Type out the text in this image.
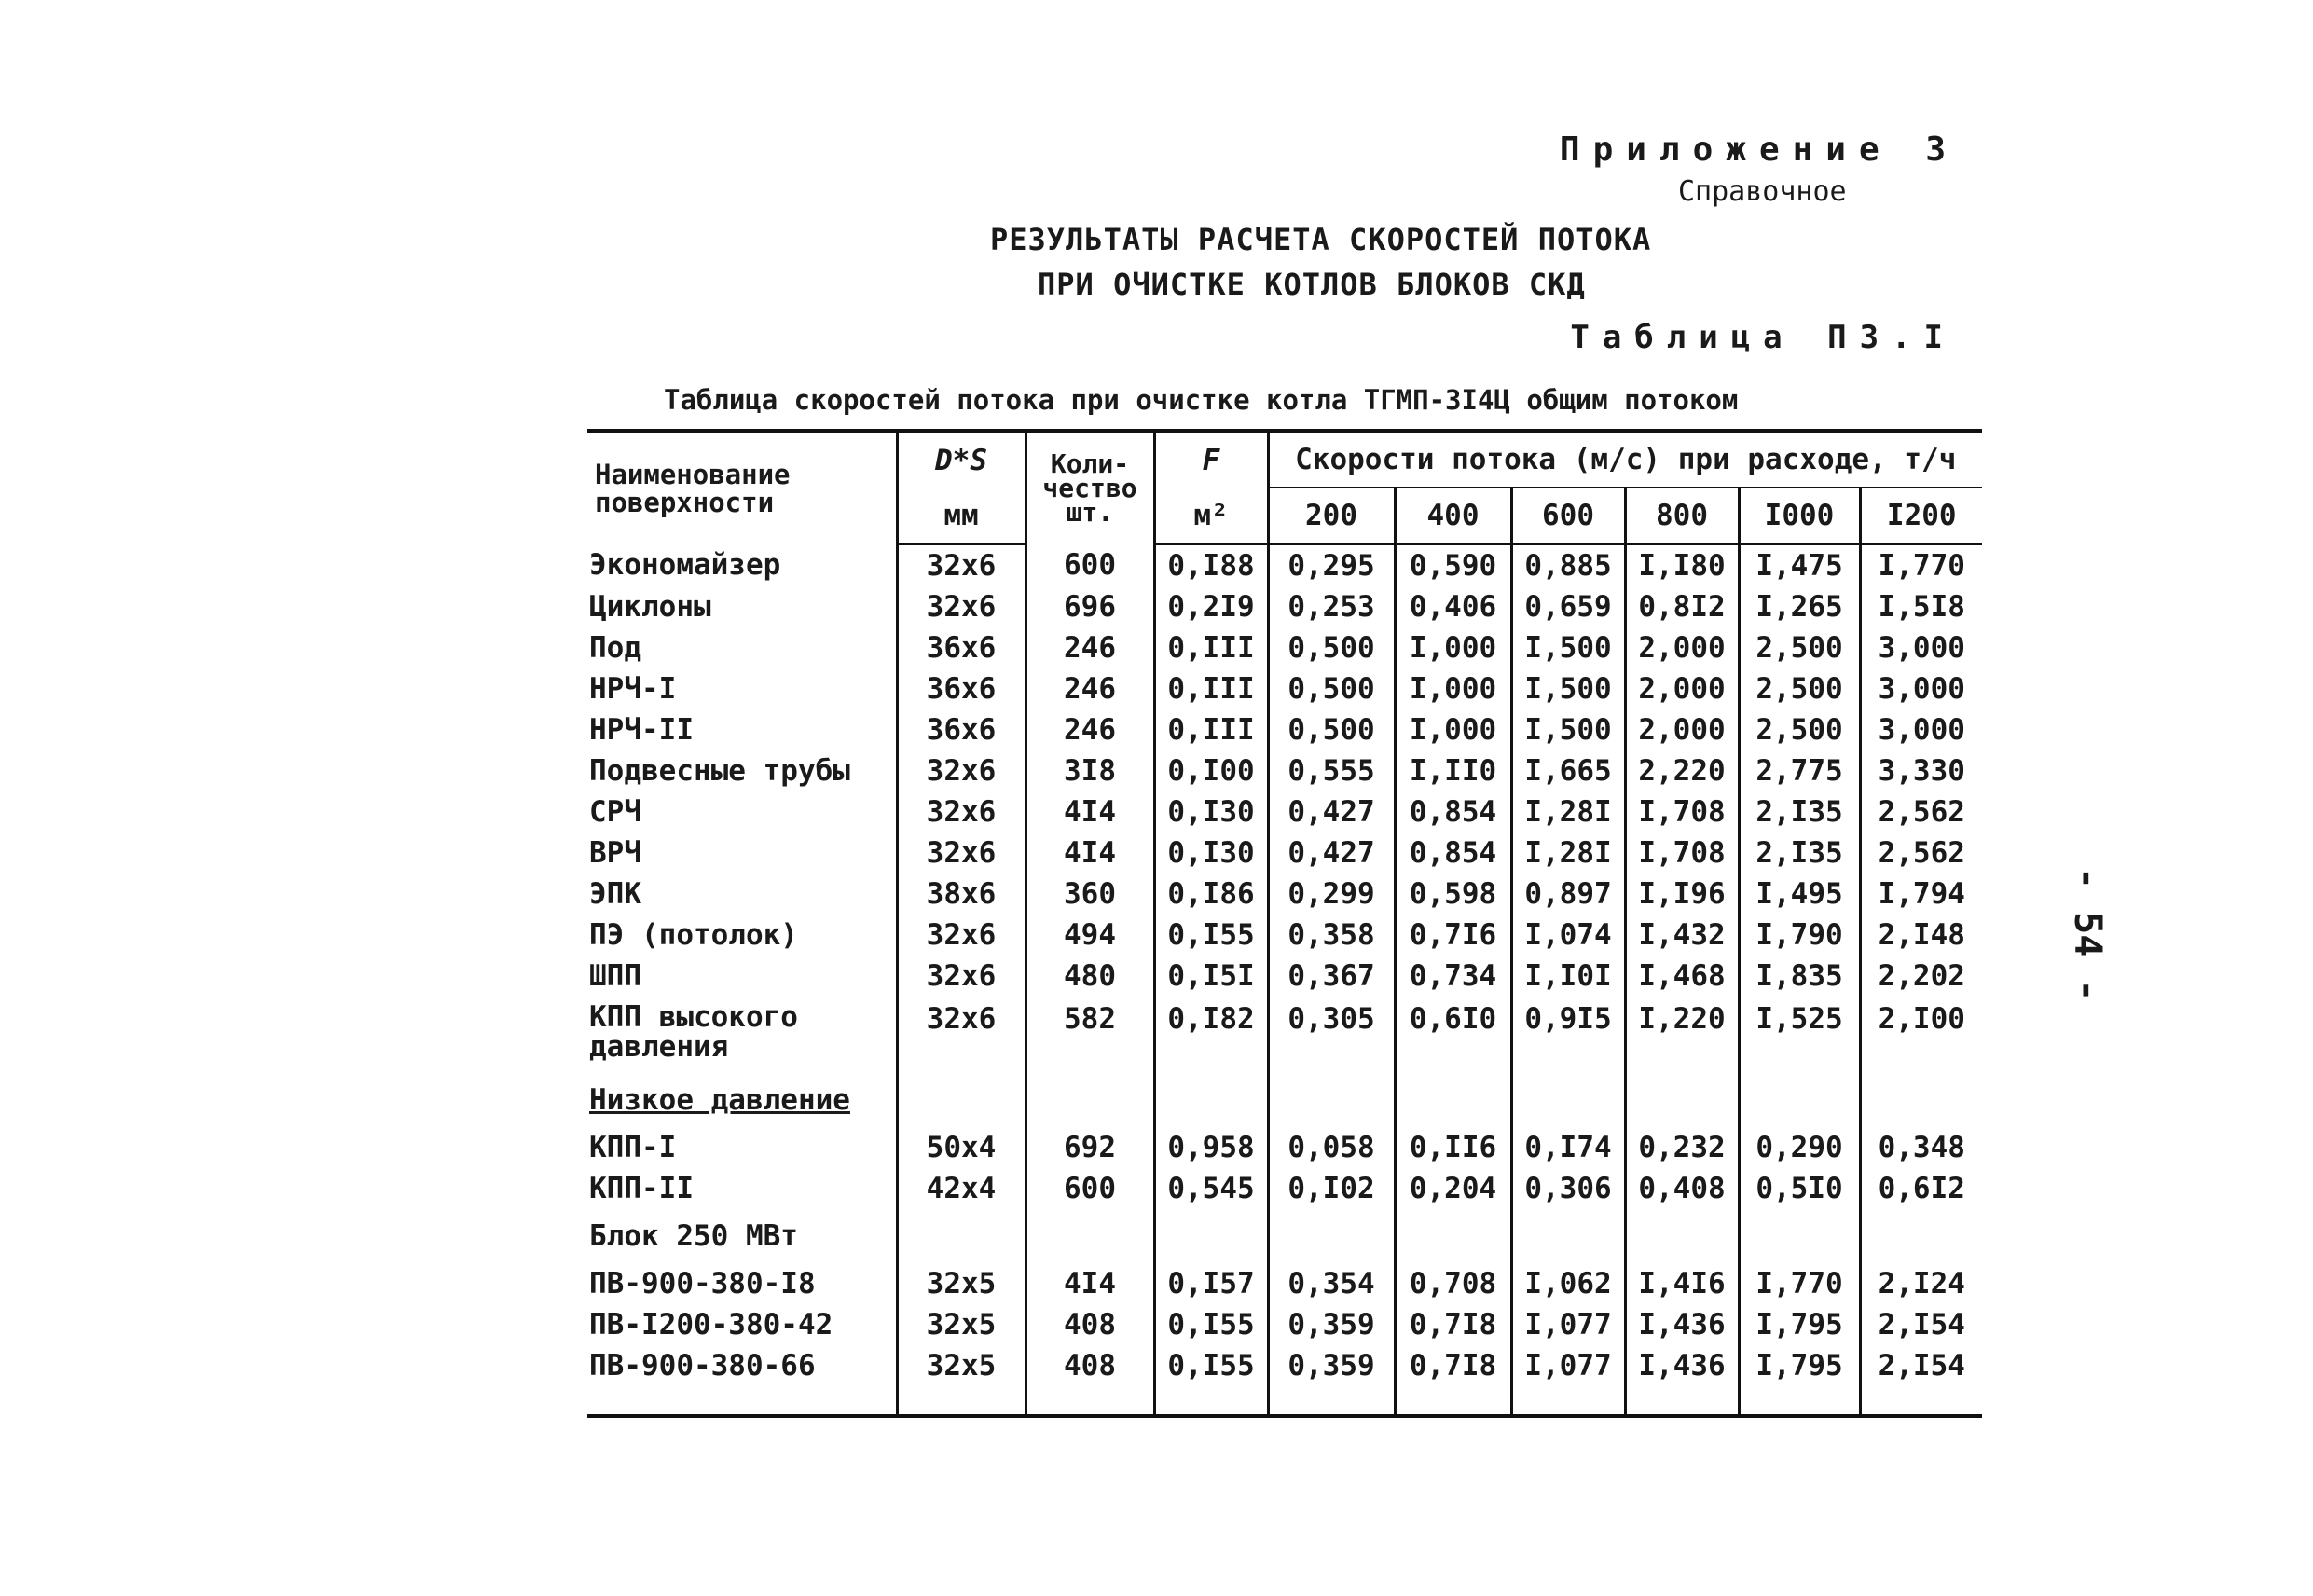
Приложение 3
Справочное
РЕЗУЛЬТАТЫ РАСЧЕТА СКОРОСТЕЙ ПОТОКА
ПРИ ОЧИСТКЕ КОТЛОВ БЛОКОВ СКД
Таблица П3.I
Таблица скоростей потока при очистке котла ТГМП-3I4Ц общим потоком
- 54 -
Наименование поверхности	D*S	Коли-чество шт.	F	Скорости потока (м/с) при расходе, т/ч					
	мм		м²	200	400	600	800	I000	I200
Экономайзер	32x6	600	0,I88	0,295	0,590	0,885	I,I80	I,475	I,770
Циклоны	32x6	696	0,2I9	0,253	0,406	0,659	0,8I2	I,265	I,5I8
Под	36x6	246	0,III	0,500	I,000	I,500	2,000	2,500	3,000
НРЧ-I	36x6	246	0,III	0,500	I,000	I,500	2,000	2,500	3,000
НРЧ-II	36x6	246	0,III	0,500	I,000	I,500	2,000	2,500	3,000
Подвесные трубы	32x6	3I8	0,I00	0,555	I,II0	I,665	2,220	2,775	3,330
СРЧ	32x6	4I4	0,I30	0,427	0,854	I,28I	I,708	2,I35	2,562
ВРЧ	32x6	4I4	0,I30	0,427	0,854	I,28I	I,708	2,I35	2,562
ЭПК	38x6	360	0,I86	0,299	0,598	0,897	I,I96	I,495	I,794
ПЭ (потолок)	32x6	494	0,I55	0,358	0,7I6	I,074	I,432	I,790	2,I48
ШПП	32x6	480	0,I5I	0,367	0,734	I,I0I	I,468	I,835	2,202
КПП высокого давления	32x6	582	0,I82	0,305	0,6I0	0,9I5	I,220	I,525	2,I00
Низкое давление									
КПП-I	50x4	692	0,958	0,058	0,II6	0,I74	0,232	0,290	0,348
КПП-II	42x4	600	0,545	0,I02	0,204	0,306	0,408	0,5I0	0,6I2
Блок 250 МВт									
ПВ-900-380-I8	32x5	4I4	0,I57	0,354	0,708	I,062	I,4I6	I,770	2,I24
ПВ-I200-380-42	32x5	408	0,I55	0,359	0,7I8	I,077	I,436	I,795	2,I54
ПВ-900-380-66	32x5	408	0,I55	0,359	0,7I8	I,077	I,436	I,795	2,I54
